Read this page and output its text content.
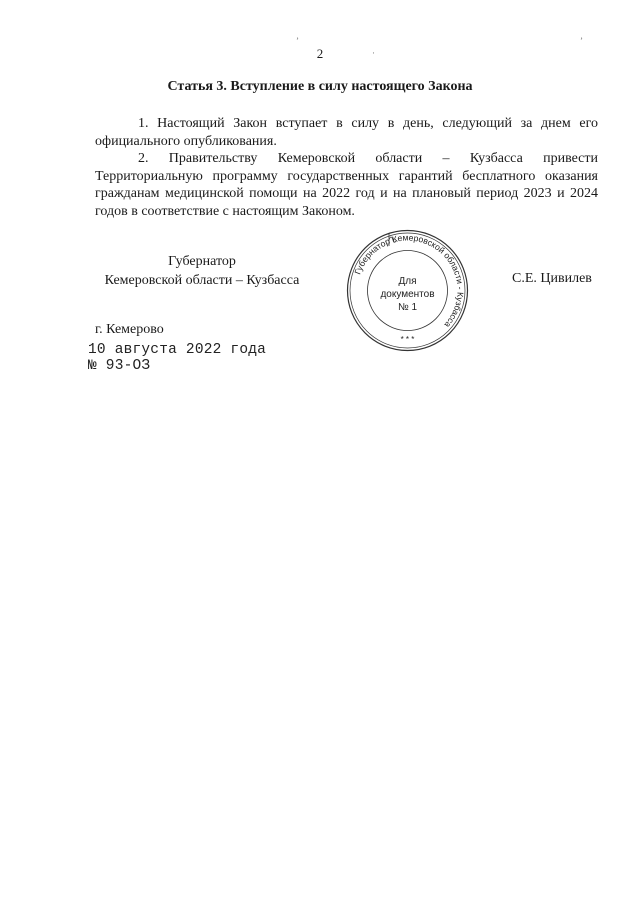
2
Статья 3. Вступление в силу настоящего Закона

1. Настоящий Закон вступает в силу в день, следующий за днем его официального опубликования.

2. Правительству Кемеровской области – Кузбасса привести Территориальную программу государственных гарантий бесплатного оказания гражданам медицинской помощи на 2022 год и на плановый период 2023 и 2024 годов в соответствие с настоящим Законом.

Губернатор
Кемеровской области – Кузбасса
Губернатор Кемеровской области - Кузбасса
Для
документов
№ 1
* * *
С.Е. Цивилев
г. Кемерово
10 августа 2022 года
№ 93-ОЗ
’	’
·
